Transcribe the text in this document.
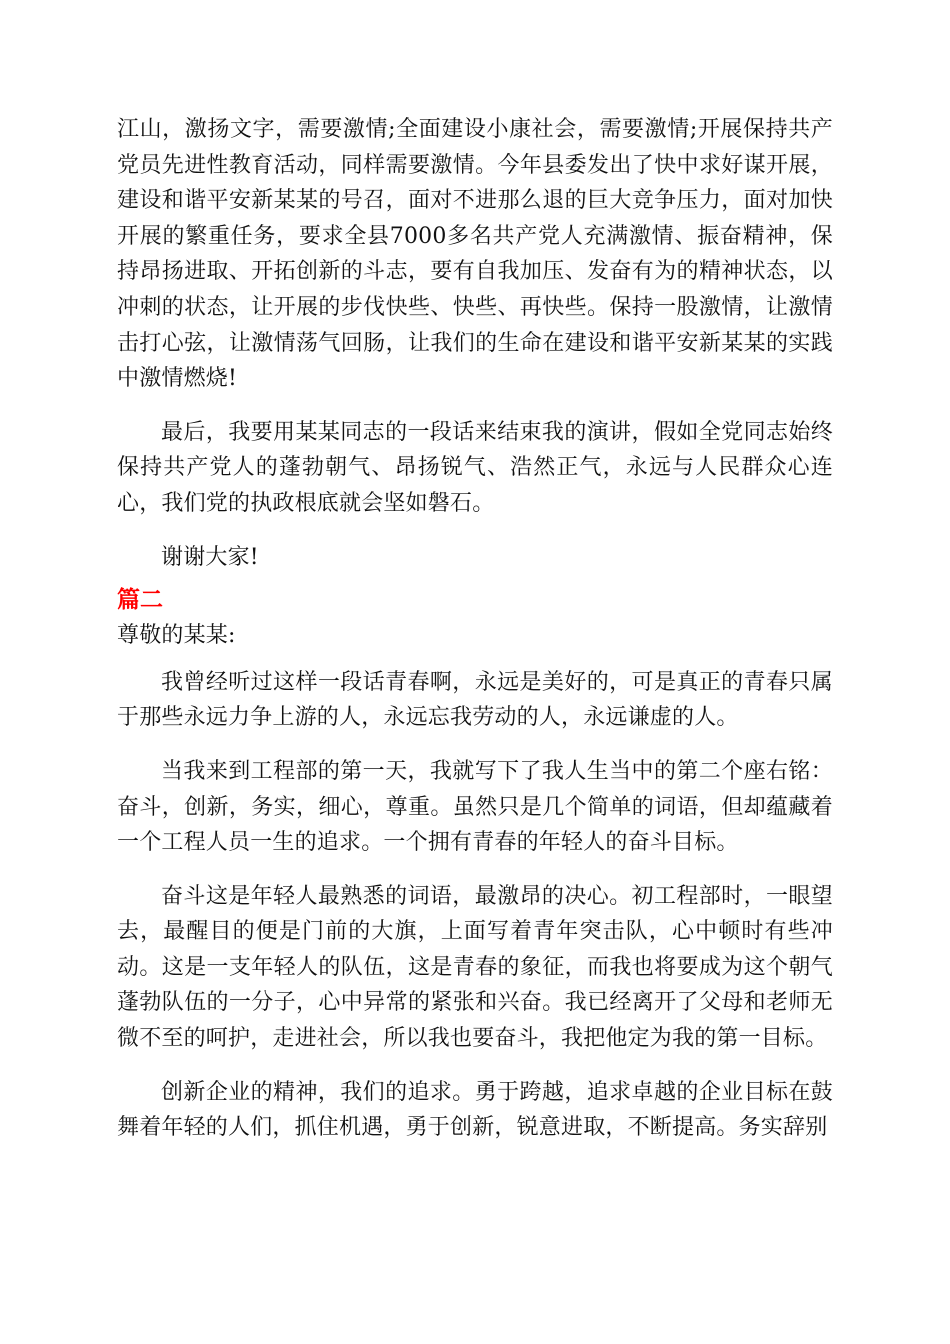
江山，激扬文字，需要激情;全面建设小康社会，需要激情;开展保持共产党员先进性教育活动，同样需要激情。今年县委发出了快中求好谋开展，建设和谐平安新某某的号召，面对不进那么退的巨大竞争压力，面对加快开展的繁重任务，要求全县7000多名共产党人充满激情、振奋精神，保持昂扬进取、开拓创新的斗志，要有自我加压、发奋有为的精神状态，以冲刺的状态，让开展的步伐快些、快些、再快些。保持一股激情，让激情击打心弦，让激情荡气回肠，让我们的生命在建设和谐平安新某某的实践中激情燃烧!

最后，我要用某某同志的一段话来结束我的演讲，假如全党同志始终保持共产党人的蓬勃朝气、昂扬锐气、浩然正气，永远与人民群众心连心，我们党的执政根底就会坚如磐石。

谢谢大家!

篇二

尊敬的某某:

我曾经听过这样一段话青春啊，永远是美好的，可是真正的青春只属于那些永远力争上游的人，永远忘我劳动的人，永远谦虚的人。

当我来到工程部的第一天，我就写下了我人生当中的第二个座右铭：奋斗，创新，务实，细心，尊重。虽然只是几个简单的词语，但却蕴藏着一个工程人员一生的追求。一个拥有青春的年轻人的奋斗目标。

奋斗这是年轻人最熟悉的词语，最激昂的决心。初工程部时，一眼望去，最醒目的便是门前的大旗，上面写着青年突击队，心中顿时有些冲动。这是一支年轻人的队伍，这是青春的象征，而我也将要成为这个朝气蓬勃队伍的一分子，心中异常的紧张和兴奋。我已经离开了父母和老师无微不至的呵护，走进社会，所以我也要奋斗，我把他定为我的第一目标。

创新企业的精神，我们的追求。勇于跨越，追求卓越的企业目标在鼓舞着年轻的人们，抓住机遇，勇于创新，锐意进取，不断提高。务实辞别
